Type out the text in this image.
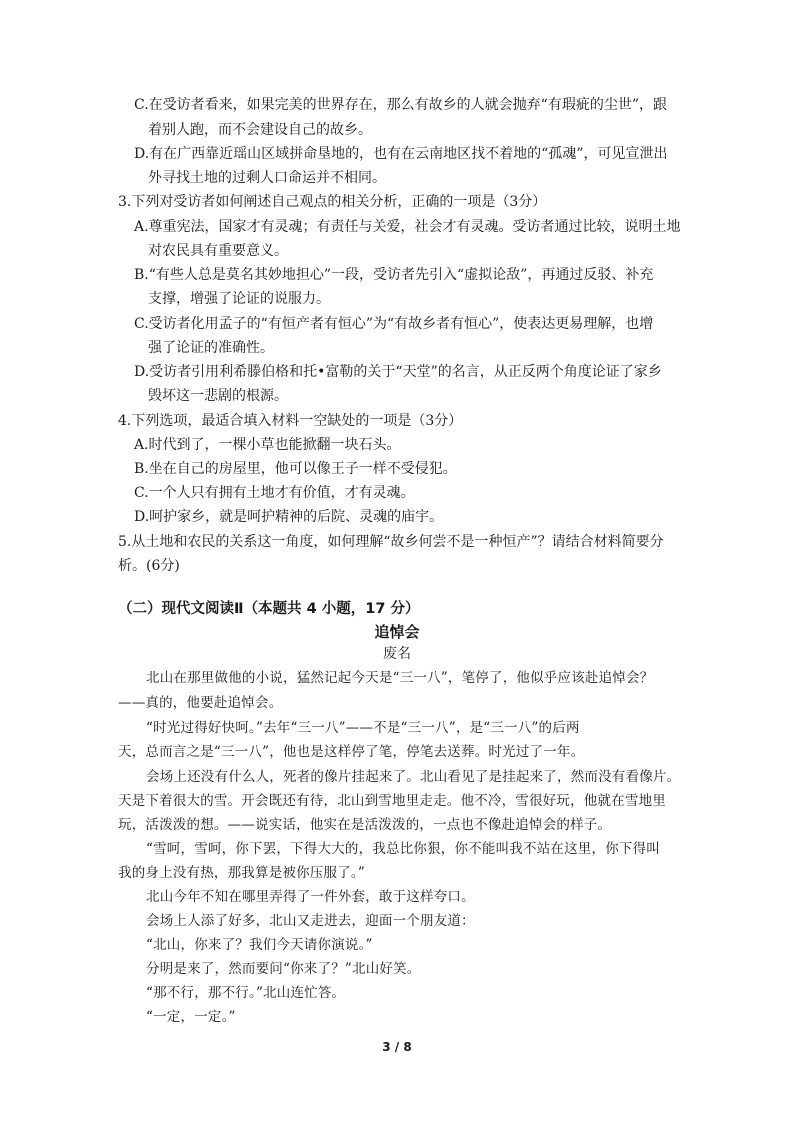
C.在受访者看来，如果完美的世界存在，那么有故乡的人就会抛弃“有瑕疵的尘世”，跟
着别人跑，而不会建设自己的故乡。
D.有在广西靠近瑶山区域拼命垦地的，也有在云南地区找不着地的“孤魂”，可见宣泄出
外寻找土地的过剩人口命运并不相同。
3.下列对受访者如何阐述自己观点的相关分析，正确的一项是（3分）
A.尊重宪法，国家才有灵魂；有责任与关爱，社会才有灵魂。受访者通过比较，说明土地
对农民具有重要意义。
B.“有些人总是莫名其妙地担心”一段，受访者先引入“虚拟论敌”，再通过反驳、补充
支撑，增强了论证的说服力。
C.受访者化用孟子的“有恒产者有恒心”为“有故乡者有恒心”，使表达更易理解，也增
强了论证的准确性。
D.受访者引用利希滕伯格和托•富勒的关于“天堂”的名言，从正反两个角度论证了家乡
毁坏这一悲剧的根源。
4.下列选项，最适合填入材料一空缺处的一项是（3分）
A.时代到了，一棵小草也能掀翻一块石头。
B.坐在自己的房屋里，他可以像王子一样不受侵犯。
C.一个人只有拥有土地才有价值，才有灵魂。
D.呵护家乡，就是呵护精神的后院、灵魂的庙宇。
5.从土地和农民的关系这一角度，如何理解“故乡何尝不是一种恒产”？请结合材料简要分
析。(6分)
（二）现代文阅读Ⅱ（本题共 4 小题，17 分）
追悼会
废名
北山在那里做他的小说，猛然记起今天是“三一八”，笔停了，他似乎应该赴追悼会？
——真的，他要赴追悼会。
“时光过得好快呵。”去年“三一八”——不是“三一八”，是“三一八”的后两
天，总而言之是“三一八”，他也是这样停了笔，停笔去送葬。时光过了一年。
会场上还没有什么人，死者的像片挂起来了。北山看见了是挂起来了，然而没有看像片。
天是下着很大的雪。开会既还有待，北山到雪地里走走。他不冷，雪很好玩，他就在雪地里
玩，活泼泼的想。——说实话，他实在是活泼泼的，一点也不像赴追悼会的样子。
“雪呵，雪呵，你下罢，下得大大的，我总比你狠，你不能叫我不站在这里，你下得叫
我的身上没有热，那我算是被你压服了。”
北山今年不知在哪里弄得了一件外套，敢于这样夸口。
会场上人添了好多，北山又走进去，迎面一个朋友道：
“北山，你来了？我们今天请你演说。”
分明是来了，然而要问“你来了？”北山好笑。
“那不行，那不行。”北山连忙答。
“一定，一定。”
3 / 8
